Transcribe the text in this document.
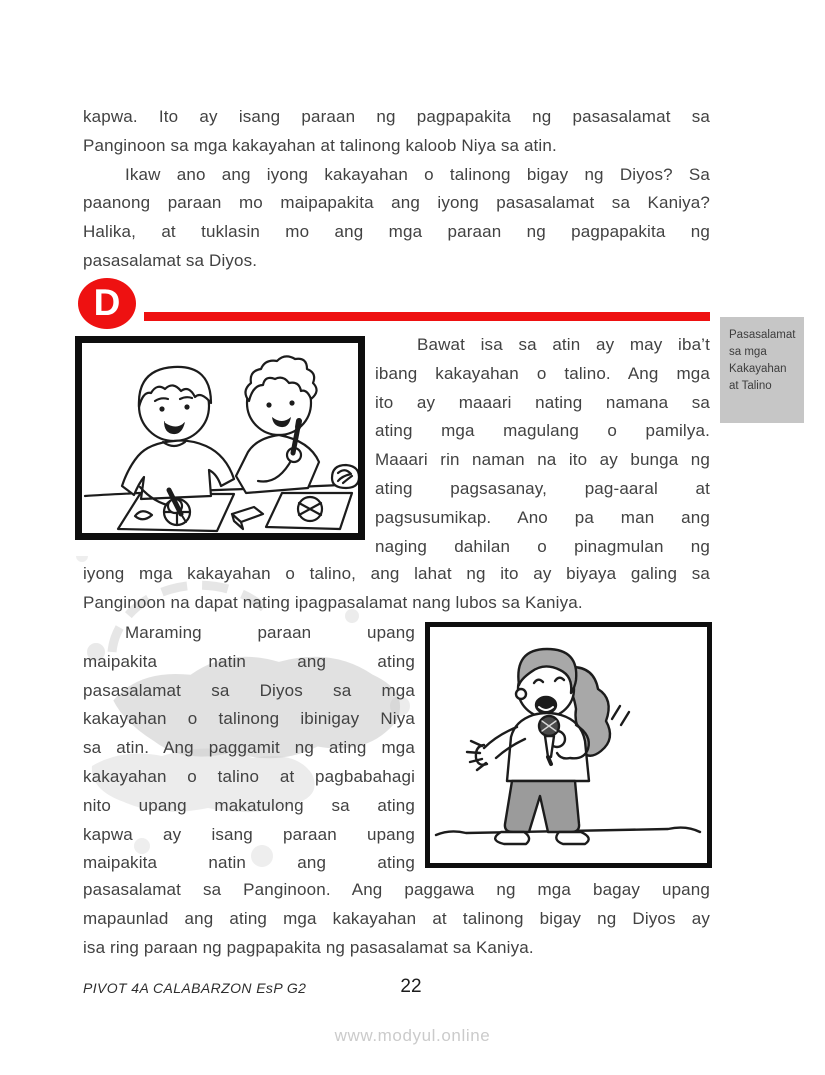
kapwa. Ito ay isang paraan ng pagpapakita ng pasasalamat sa
Panginoon sa mga kakayahan at talinong kaloob Niya sa atin.
Ikaw ano ang iyong kakayahan o talinong bigay ng Diyos? Sa
paanong paraan mo maipapakita ang iyong pasasalamat sa Kaniya?
Halika, at tuklasin mo ang mga paraan ng pagpapakita ng
pasasalamat sa Diyos.
D
Pasasalamat
sa mga
Kakayahan
at Talino
Bawat isa sa atin ay may iba’t
ibang kakayahan o talino. Ang mga
ito ay maaari nating namana sa
ating mga magulang o pamilya.
Maaari rin naman na ito ay bunga ng
ating pagsasanay, pag-aaral at
pagsusumikap. Ano pa man ang
naging dahilan o pinagmulan ng
iyong mga kakayahan o talino, ang lahat ng ito ay biyaya galing sa
Panginoon na dapat nating ipagpasalamat nang lubos sa Kaniya.
Maraming paraan upang
maipakita natin ang ating
pasasalamat sa Diyos sa mga
kakayahan o talinong ibinigay Niya
sa atin. Ang paggamit ng ating mga
kakayahan o talino at pagbabahagi
nito upang makatulong sa ating
kapwa ay isang paraan upang
maipakita natin ang ating
pasasalamat sa Panginoon. Ang paggawa ng mga bagay upang
mapaunlad ang ating mga kakayahan at talinong bigay ng Diyos ay
isa ring paraan ng pagpapakita ng pasasalamat sa Kaniya.
PIVOT 4A CALABARZON EsP G2	22
www.modyul.online
